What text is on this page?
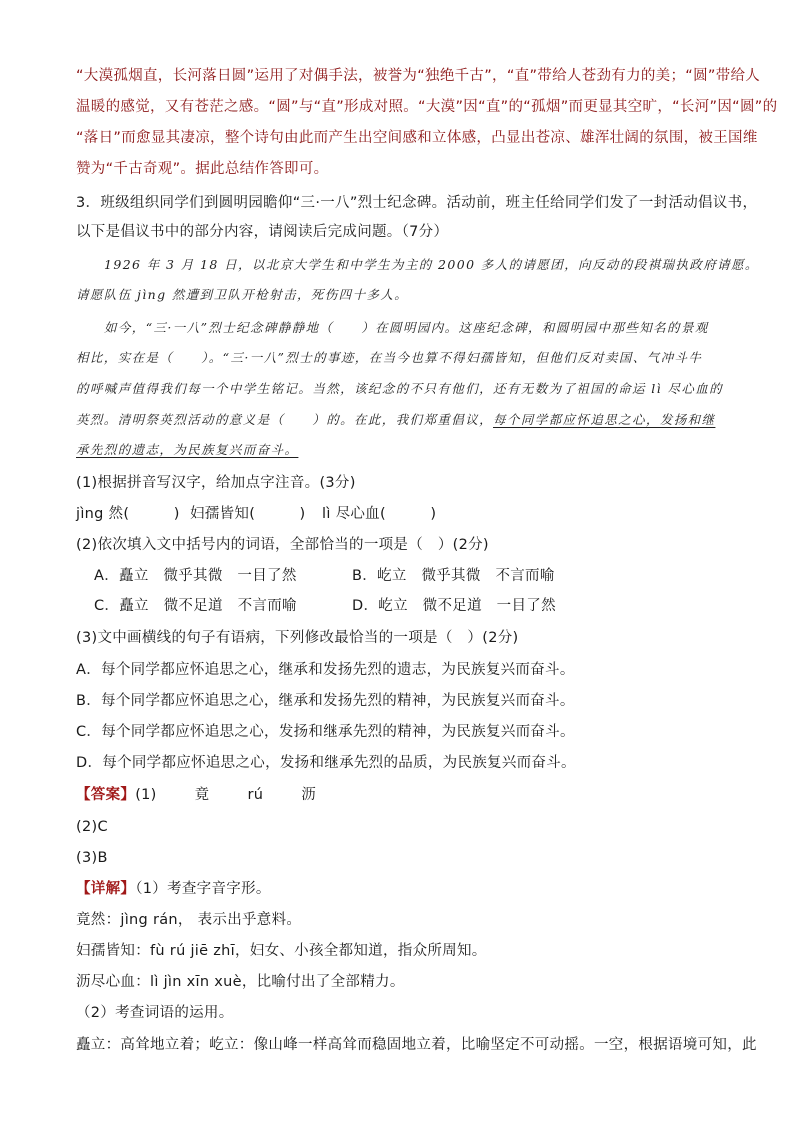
“大漠孤烟直，长河落日圆”运用了对偶手法，被誉为“独绝千古”，“直”带给人苍劲有力的美；“圆”带给人
温暖的感觉，又有苍茫之感。“圆”与“直”形成对照。“大漠”因“直”的“孤烟”而更显其空旷，“长河”因“圆”的
“落日”而愈显其凄凉，整个诗句由此而产生出空间感和立体感，凸显出苍凉、雄浑壮阔的氛围，被王国维
赞为“千古奇观”。据此总结作答即可。
3．班级组织同学们到圆明园瞻仰“三·一八”烈士纪念碑。活动前，班主任给同学们发了一封活动倡议书，
以下是倡议书中的部分内容，请阅读后完成问题。（7分）
1926 年 3 月 18 日，以北京大学生和中学生为主的 2000 多人的请愿团，向反动的段祺瑞执政府请愿。
请愿队伍 jìng 然遭到卫队开枪射击，死伤四十多人。
如今，“三·一八”烈士纪念碑静静地（　　）在圆明园内。这座纪念碑，和圆明园中那些知名的景观
相比，实在是（　　）。“三·一八”烈士的事迹，在当今也算不得妇孺皆知，但他们反对卖国、气冲斗牛
的呼喊声值得我们每一个中学生铭记。当然，该纪念的不只有他们，还有无数为了祖国的命运 lì 尽心血的
英烈。清明祭英烈活动的意义是（　　）的。在此，我们郑重倡议，每个同学都应怀追思之心，发扬和继
承先烈的遗志，为民族复兴而奋斗。
(1)根据拼音写汉字，给加点字注音。(3分)
jìng 然(　　　) 妇孺皆知(　　　) lì 尽心血(　　　)
(2)依次填入文中括号内的词语，全部恰当的一项是（　）(2分)
A．矗立　微乎其微　一目了然	B．屹立　微乎其微　不言而喻
C．矗立　微不足道　不言而喻	D．屹立　微不足道　一目了然
(3)文中画横线的句子有语病，下列修改最恰当的一项是（　）(2分)
A．每个同学都应怀追思之心，继承和发扬先烈的遗志，为民族复兴而奋斗。
B．每个同学都应怀追思之心，继承和发扬先烈的精神，为民族复兴而奋斗。
C．每个同学都应怀追思之心，发扬和继承先烈的精神，为民族复兴而奋斗。
D．每个同学都应怀追思之心，发扬和继承先烈的品质，为民族复兴而奋斗。
【答案】(1)	竟	rú	沥
(2)C
(3)B
【详解】（1）考查字音字形。
竟然：jìng rán， 表示出乎意料。
妇孺皆知：fù rú jiē zhī，妇女、小孩全都知道，指众所周知。
沥尽心血：lì jìn xīn xuè，比喻付出了全部精力。
（2）考查词语的运用。
矗立：高耸地立着；屹立：像山峰一样高耸而稳固地立着，比喻坚定不可动摇。一空，根据语境可知，此
